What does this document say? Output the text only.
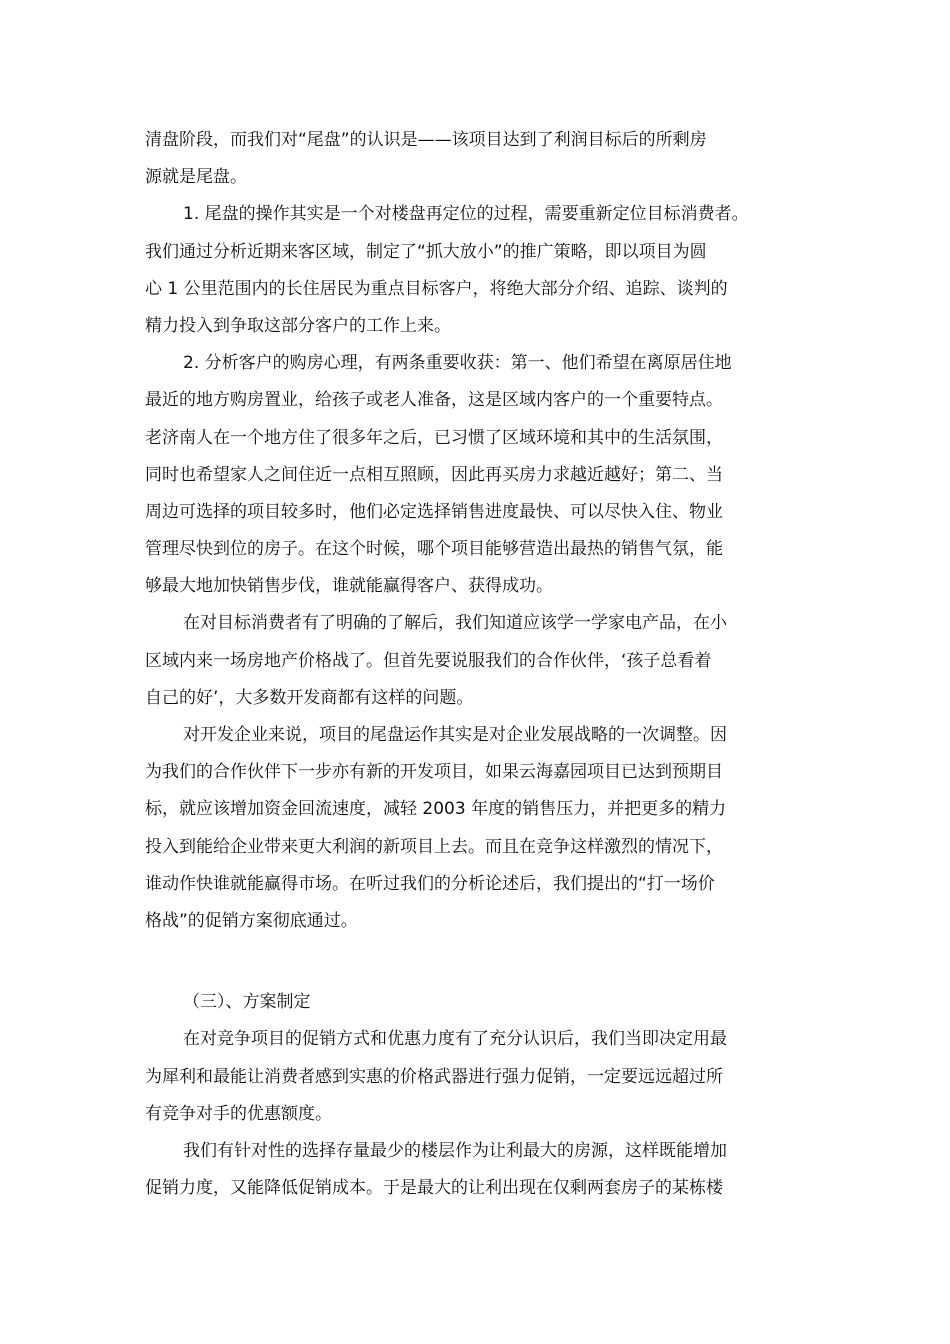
清盘阶段，而我们对“尾盘”的认识是——该项目达到了利润目标后的所剩房
源就是尾盘。
1. 尾盘的操作其实是一个对楼盘再定位的过程，需要重新定位目标消费者。
我们通过分析近期来客区域，制定了“抓大放小”的推广策略，即以项目为圆
心 1 公里范围内的长住居民为重点目标客户，将绝大部分介绍、追踪、谈判的
精力投入到争取这部分客户的工作上来。
2. 分析客户的购房心理，有两条重要收获：第一、他们希望在离原居住地
最近的地方购房置业，给孩子或老人准备，这是区域内客户的一个重要特点。
老济南人在一个地方住了很多年之后，已习惯了区域环境和其中的生活氛围，
同时也希望家人之间住近一点相互照顾，因此再买房力求越近越好；第二、当
周边可选择的项目较多时，他们必定选择销售进度最快、可以尽快入住、物业
管理尽快到位的房子。在这个时候，哪个项目能够营造出最热的销售气氛，能
够最大地加快销售步伐，谁就能赢得客户、获得成功。
在对目标消费者有了明确的了解后，我们知道应该学一学家电产品，在小
区域内来一场房地产价格战了。但首先要说服我们的合作伙伴，‘孩子总看着
自己的好’，大多数开发商都有这样的问题。
对开发企业来说，项目的尾盘运作其实是对企业发展战略的一次调整。因
为我们的合作伙伴下一步亦有新的开发项目，如果云海嘉园项目已达到预期目
标，就应该增加资金回流速度，减轻 2003 年度的销售压力，并把更多的精力
投入到能给企业带来更大利润的新项目上去。而且在竞争这样激烈的情况下，
谁动作快谁就能赢得市场。在听过我们的分析论述后，我们提出的“打一场价
格战”的促销方案彻底通过。
（三）、方案制定
在对竞争项目的促销方式和优惠力度有了充分认识后，我们当即决定用最
为犀利和最能让消费者感到实惠的价格武器进行强力促销，一定要远远超过所
有竞争对手的优惠额度。
我们有针对性的选择存量最少的楼层作为让利最大的房源，这样既能增加
促销力度，又能降低促销成本。于是最大的让利出现在仅剩两套房子的某栋楼
